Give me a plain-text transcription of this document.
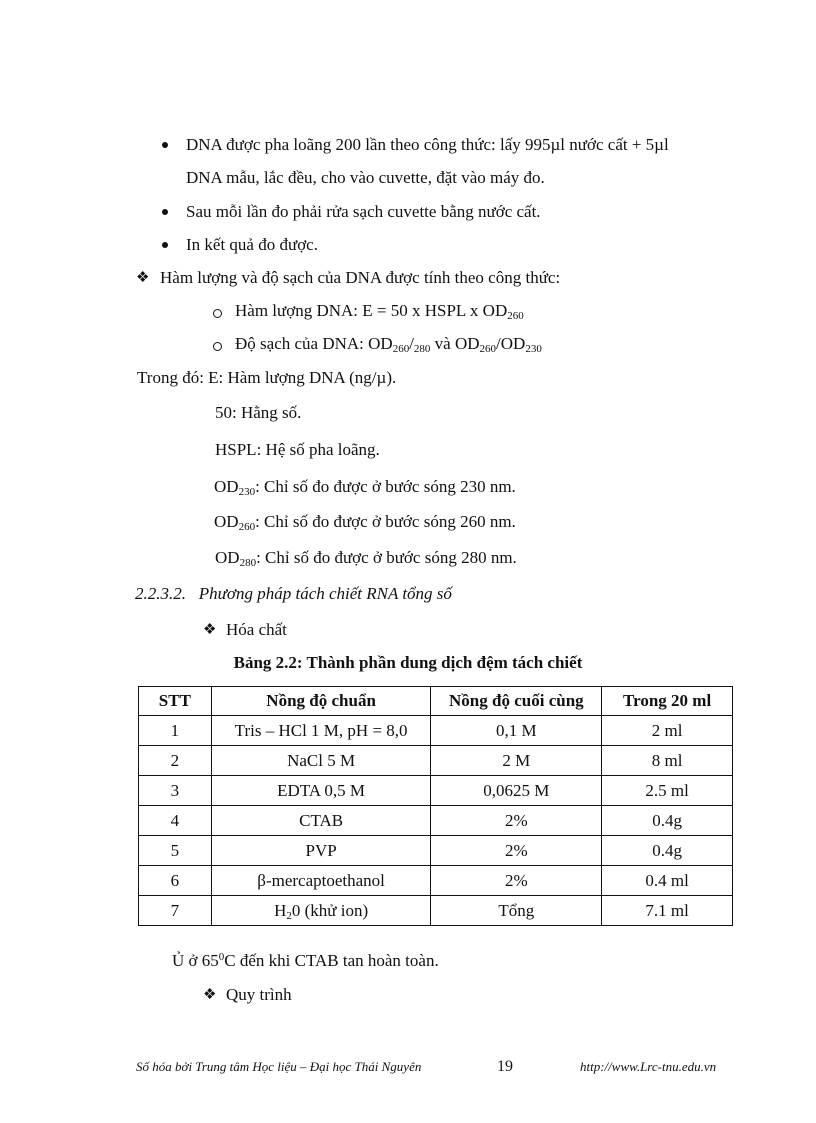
DNA được pha loãng 200 lần theo công thức: lấy 995µl nước cất + 5µl
DNA mẫu, lắc đều, cho vào cuvette, đặt vào máy đo.
Sau mỗi lần đo phải rửa sạch cuvette bằng nước cất.
In kết quả đo được.
❖ Hàm lượng và độ sạch của DNA được tính theo công thức:
Hàm lượng DNA: E = 50 x HSPL x $OD_{260}$
Độ sạch của DNA: $OD_{260}/_{280}$ và $OD_{260}/OD_{230}$
Trong đó: E: Hàm lượng DNA (ng/µ).
50: Hằng số.
HSPL: Hệ số pha loãng.
$OD_{230}$: Chỉ số đo được ở bước sóng 230 nm.
$OD_{260}$: Chỉ số đo được ở bước sóng 260 nm.
$OD_{280}$: Chỉ số đo được ở bước sóng 280 nm.
2.2.3.2.   Phương pháp tách chiết RNA tổng số
❖ Hóa chất
Bảng 2.2: Thành phần dung dịch đệm tách chiết
STT	Nồng độ chuẩn	Nồng độ cuối cùng	Trong 20 ml
1	Tris – HCl 1 M, pH = 8,0	0,1 M	2 ml
2	NaCl 5 M	2 M	8 ml
3	EDTA 0,5 M	0,0625 M	2.5 ml
4	CTAB	2%	0.4g
5	PVP	2%	0.4g
6	β-mercaptoethanol	2%	0.4 ml
7	$H_20$ (khử ion)	Tổng	7.1 ml
Ủ ở $65^0C$ đến khi CTAB tan hoàn toàn.
❖ Quy trình
Số hóa bởi Trung tâm Học liệu – Đại học Thái Nguyên	19	http://www.Lrc-tnu.edu.vn
